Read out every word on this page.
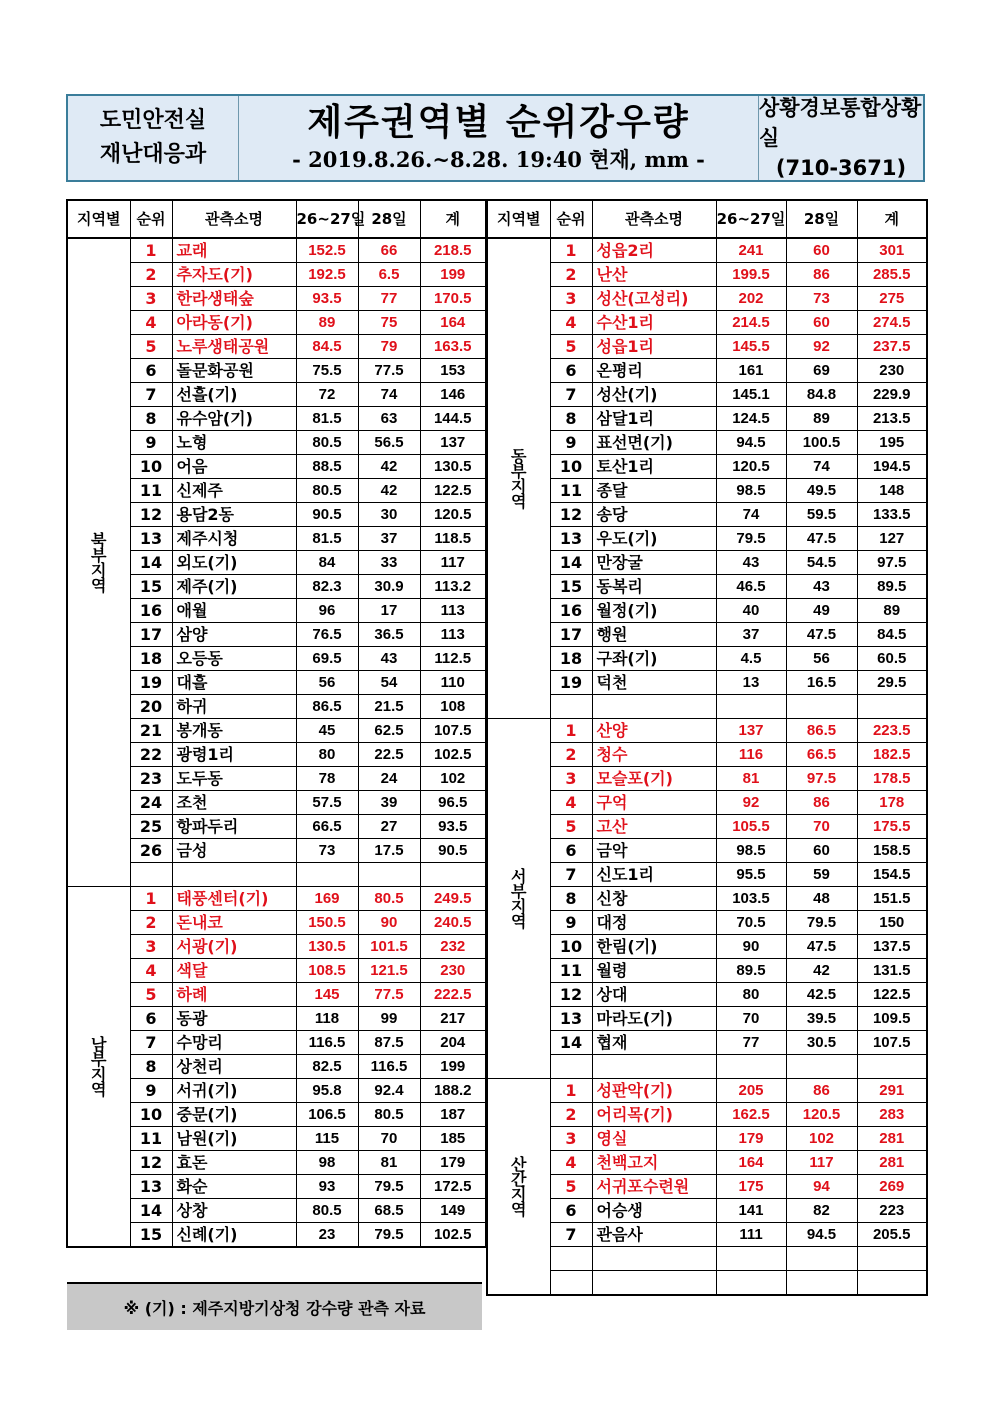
도민안전실
재난대응과
제주권역별 순위강우량
- 2019.8.26.~8.28. 19:40 현재, mm -
상황경보통합상황실
(710-3671)
지역별	순위	관측소명	26~27일	28일	계
북
부
지
역	1	교래	152.5	66	218.5
	2	추자도(기)	192.5	6.5	199
	3	한라생태숲	93.5	77	170.5
	4	아라동(기)	89	75	164
	5	노루생태공원	84.5	79	163.5
	6	돌문화공원	75.5	77.5	153
	7	선흘(기)	72	74	146
	8	유수암(기)	81.5	63	144.5
	9	노형	80.5	56.5	137
	10	어음	88.5	42	130.5
	11	신제주	80.5	42	122.5
	12	용담2동	90.5	30	120.5
	13	제주시청	81.5	37	118.5
	14	외도(기)	84	33	117
	15	제주(기)	82.3	30.9	113.2
	16	애월	96	17	113
	17	삼양	76.5	36.5	113
	18	오등동	69.5	43	112.5
	19	대흘	56	54	110
	20	하귀	86.5	21.5	108
	21	봉개동	45	62.5	107.5
	22	광령1리	80	22.5	102.5
	23	도두동	78	24	102
	24	조천	57.5	39	96.5
	25	항파두리	66.5	27	93.5
	26	금성	73	17.5	90.5

남
부
지
역	1	태풍센터(기)	169	80.5	249.5
	2	돈내코	150.5	90	240.5
	3	서광(기)	130.5	101.5	232
	4	색달	108.5	121.5	230
	5	하례	145	77.5	222.5
	6	동광	118	99	217
	7	수망리	116.5	87.5	204
	8	상천리	82.5	116.5	199
	9	서귀(기)	95.8	92.4	188.2
	10	중문(기)	106.5	80.5	187
	11	남원(기)	115	70	185
	12	효돈	98	81	179
	13	화순	93	79.5	172.5
	14	상창	80.5	68.5	149
	15	신례(기)	23	79.5	102.5
지역별	순위	관측소명	26~27일	28일	계
동
부
지
역	1	성읍2리	241	60	301
	2	난산	199.5	86	285.5
	3	성산(고성리)	202	73	275
	4	수산1리	214.5	60	274.5
	5	성읍1리	145.5	92	237.5
	6	온평리	161	69	230
	7	성산(기)	145.1	84.8	229.9
	8	삼달1리	124.5	89	213.5
	9	표선면(기)	94.5	100.5	195
	10	토산1리	120.5	74	194.5
	11	종달	98.5	49.5	148
	12	송당	74	59.5	133.5
	13	우도(기)	79.5	47.5	127
	14	만장굴	43	54.5	97.5
	15	동복리	46.5	43	89.5
	16	월정(기)	40	49	89
	17	행원	37	47.5	84.5
	18	구좌(기)	4.5	56	60.5
	19	덕천	13	16.5	29.5

서
부
지
역	1	산양	137	86.5	223.5
	2	청수	116	66.5	182.5
	3	모슬포(기)	81	97.5	178.5
	4	구억	92	86	178
	5	고산	105.5	70	175.5
	6	금악	98.5	60	158.5
	7	신도1리	95.5	59	154.5
	8	신창	103.5	48	151.5
	9	대정	70.5	79.5	150
	10	한림(기)	90	47.5	137.5
	11	월령	89.5	42	131.5
	12	상대	80	42.5	122.5
	13	마라도(기)	70	39.5	109.5
	14	협재	77	30.5	107.5

산
간
지
역	1	성판악(기)	205	86	291
	2	어리목(기)	162.5	120.5	283
	3	영실	179	102	281
	4	천백고지	164	117	281
	5	서귀포수련원	175	94	269
	6	어승생	141	82	223
	7	관음사	111	94.5	205.5

※ (기) : 제주지방기상청 강수량 관측 자료
